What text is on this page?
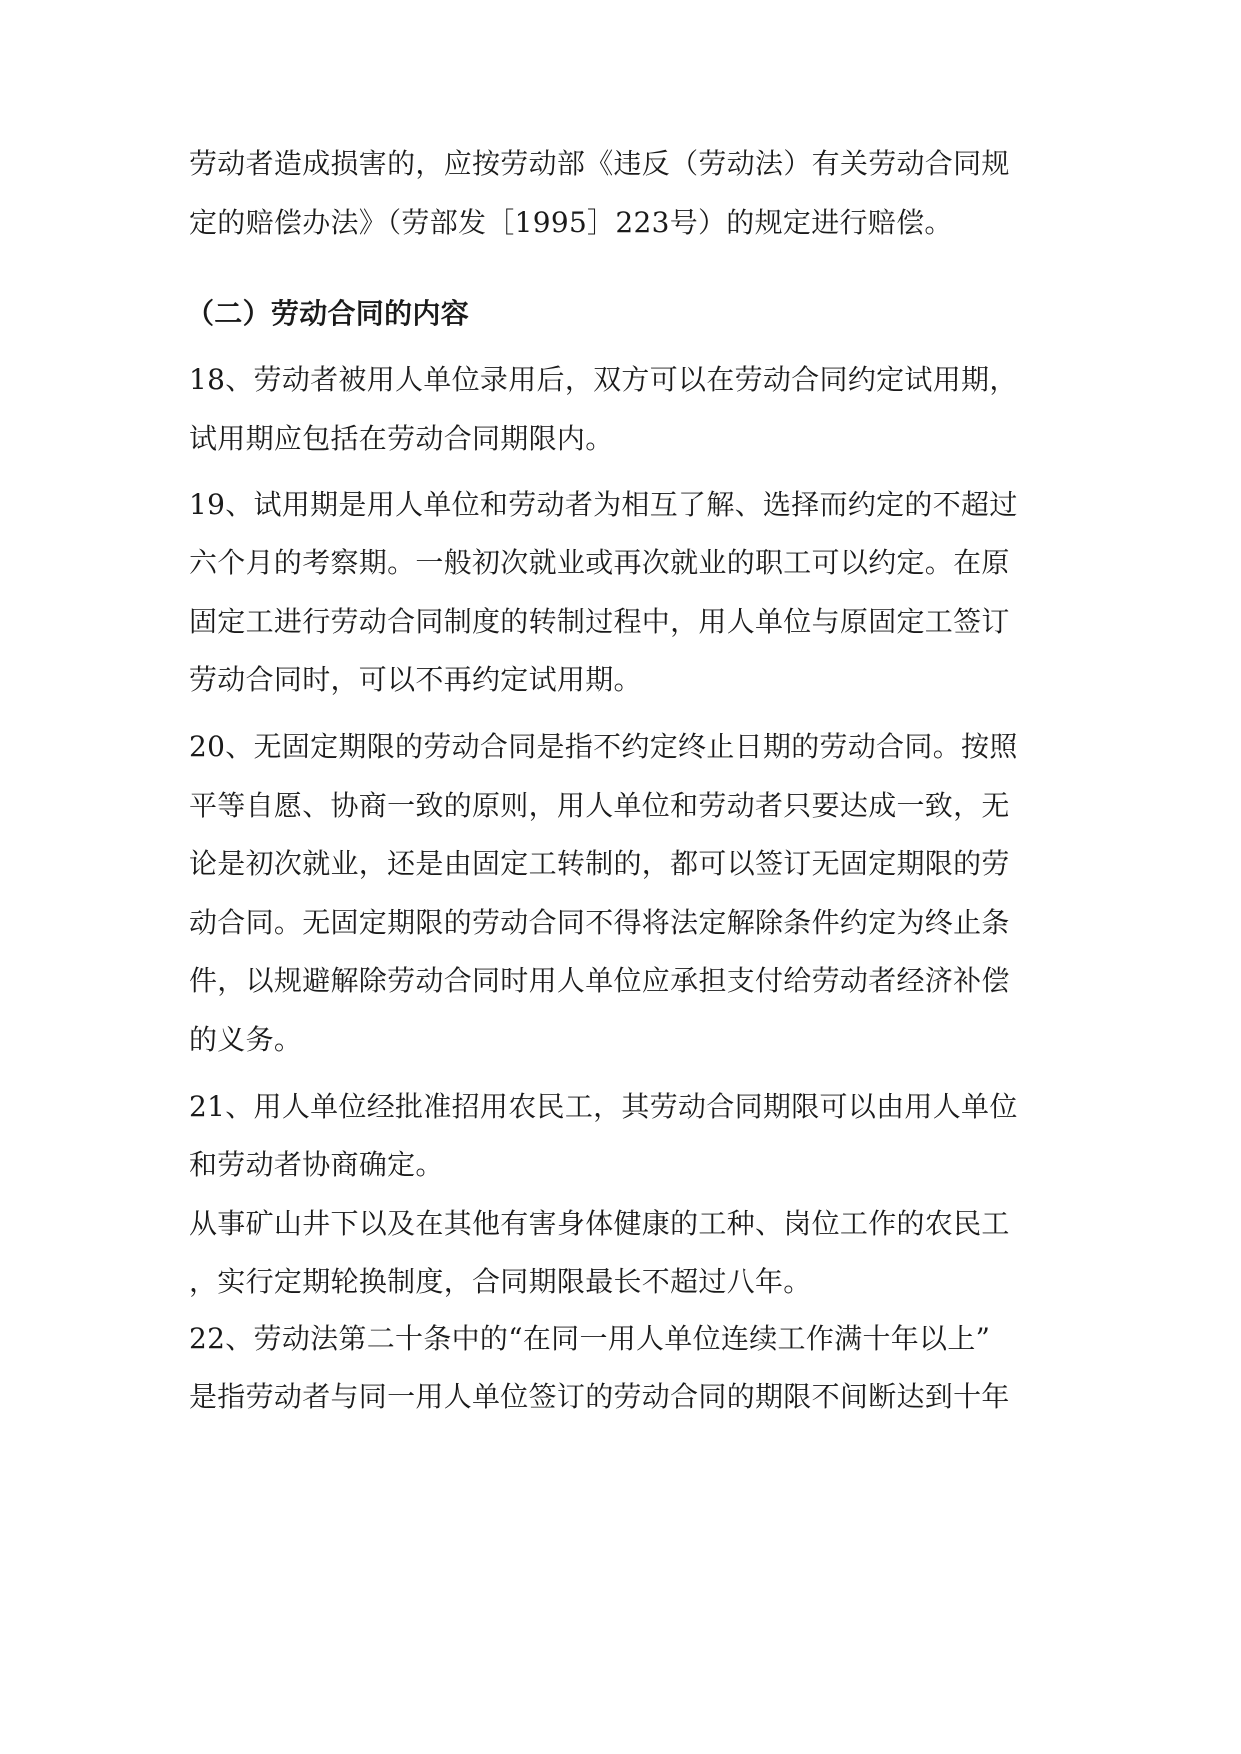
劳动者造成损害的，应按劳动部《违反（劳动法）有关劳动合同规
定的赔偿办法》（劳部发［1995］223号）的规定进行赔偿。
（二）劳动合同的内容
18、劳动者被用人单位录用后，双方可以在劳动合同约定试用期，
试用期应包括在劳动合同期限内。
19、试用期是用人单位和劳动者为相互了解、选择而约定的不超过
六个月的考察期。一般初次就业或再次就业的职工可以约定。在原
固定工进行劳动合同制度的转制过程中，用人单位与原固定工签订
劳动合同时，可以不再约定试用期。
20、无固定期限的劳动合同是指不约定终止日期的劳动合同。按照
平等自愿、协商一致的原则，用人单位和劳动者只要达成一致，无
论是初次就业，还是由固定工转制的，都可以签订无固定期限的劳
动合同。无固定期限的劳动合同不得将法定解除条件约定为终止条
件，以规避解除劳动合同时用人单位应承担支付给劳动者经济补偿
的义务。
21、用人单位经批准招用农民工，其劳动合同期限可以由用人单位
和劳动者协商确定。
从事矿山井下以及在其他有害身体健康的工种、岗位工作的农民工
，实行定期轮换制度，合同期限最长不超过八年。
22、劳动法第二十条中的“在同一用人单位连续工作满十年以上”
是指劳动者与同一用人单位签订的劳动合同的期限不间断达到十年
